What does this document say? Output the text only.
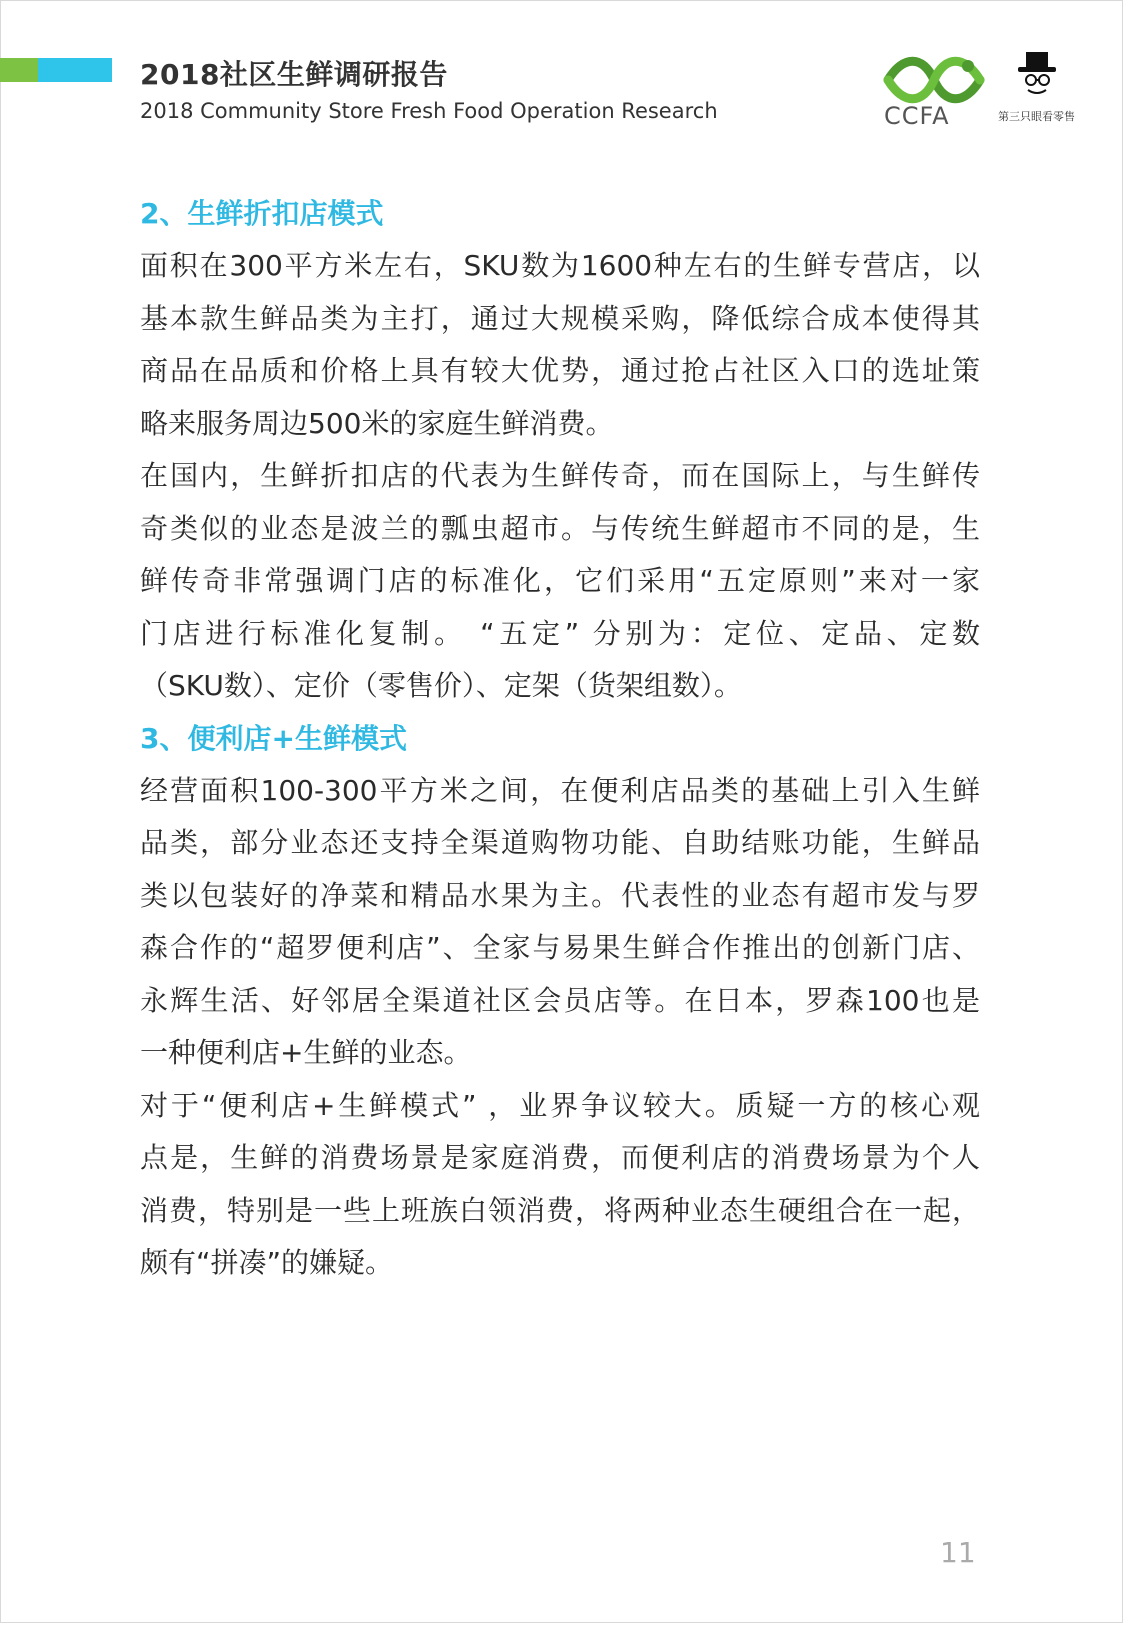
2018社区生鲜调研报告
2018 Community Store Fresh Food Operation Research	CCFA	第三只眼看零售
2、生鲜折扣店模式

面积在300平方米左右，SKU数为1600种左右的生鲜专营店，以
基本款生鲜品类为主打，通过大规模采购，降低综合成本使得其
商品在品质和价格上具有较大优势，通过抢占社区入口的选址策
略来服务周边500米的家庭生鲜消费。

在国内，生鲜折扣店的代表为生鲜传奇，而在国际上，与生鲜传
奇类似的业态是波兰的瓢虫超市。与传统生鲜超市不同的是，生
鲜传奇非常强调门店的标准化，它们采用“五定原则”来对一家
门店进行标准化复制。 “五定” 分别为：定位、定品、定数
（SKU数）、定价（零售价）、定架（货架组数）。

3、便利店+生鲜模式

经营面积100-300平方米之间，在便利店品类的基础上引入生鲜
品类，部分业态还支持全渠道购物功能、自助结账功能，生鲜品
类以包装好的净菜和精品水果为主。代表性的业态有超市发与罗
森合作的“超罗便利店”、全家与易果生鲜合作推出的创新门店、
永辉生活、好邻居全渠道社区会员店等。在日本，罗森100也是
一种便利店+生鲜的业态。

对于“便利店+生鲜模式” ，业界争议较大。质疑一方的核心观
点是，生鲜的消费场景是家庭消费，而便利店的消费场景为个人
消费，特别是一些上班族白领消费，将两种业态生硬组合在一起，
颇有“拼凑”的嫌疑。

11
